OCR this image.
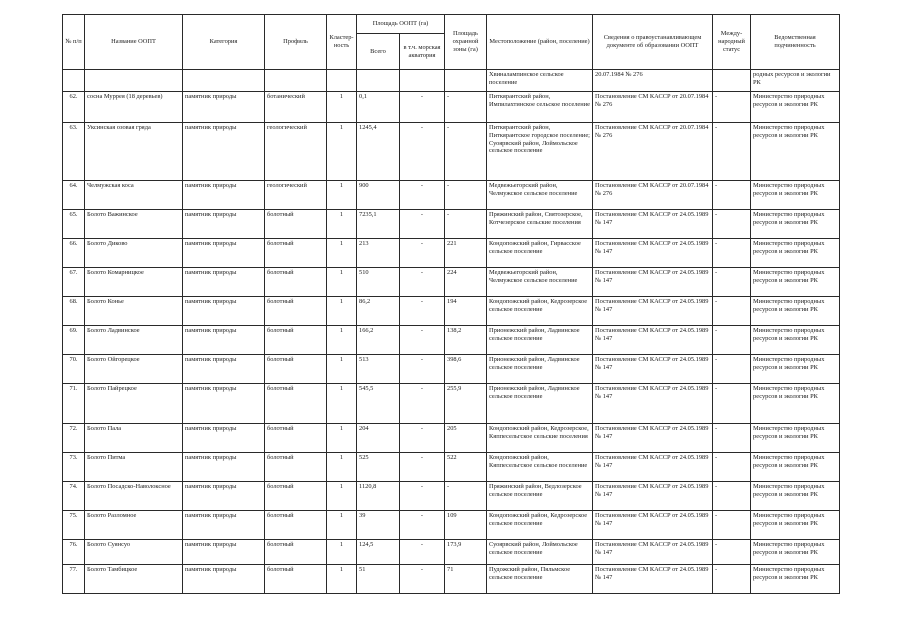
№ п/п	Название ООПТ	Категория	Профиль	Кластер-ность	Площадь ООПТ (га)		Площадь охранной зоны (га)	Местоположение (район, поселение)	Сведения о правоустанавливающем документе об образовании ООПТ	Между-народный статус	Ведомственная подчиненность
					Всего	в т.ч. морская акватория					
								Хвиналампинское сельское поселение	20.07.1984 № 276		родных ресурсов и экологии РК
62.	сосна Муррея (18 деревьев)	памятник природы	ботанический	1	0,1	-	-	Питкярантский район, Импилахтинское сельское поселение	Постановление СМ КАССР от 20.07.1984 № 276	-	Министерство природных ресурсов и экологии РК
63.	Уксинская озовая гряда	памятник природы	геологический	1	1245,4	-	-	Питкярантский район, Питкярантское городское поселение; Суоярвский район, Лоймольское сельское поселение	Постановление СМ КАССР от 20.07.1984 № 276	-	Министерство природных ресурсов и экологии РК
64.	Челмужская коса	памятник природы	геологический	1	900	-	-	Медвежьегорский район, Челмужское сельское поселение	Постановление СМ КАССР от 20.07.1984 № 276	-	Министерство природных ресурсов и экологии РК
65.	Болото Важинское	памятник природы	болотный	1	7235,1	-	-	Пряжинский район, Святозерское, Котчезерское сельские поселения	Постановление СМ КАССР от 24.05.1989 № 147	-	Министерство природных ресурсов и экологии РК
66.	Болото Диково	памятник природы	болотный	1	213	-	221	Кондопожский район, Гирвасское сельское поселение	Постановление СМ КАССР от 24.05.1989 № 147	-	Министерство природных ресурсов и экологии РК
67.	Болото Комарницкое	памятник природы	болотный	1	510	-	224	Медвежьегорский район, Челмужское сельское поселение	Постановление СМ КАССР от 24.05.1989 № 147	-	Министерство природных ресурсов и экологии РК
68.	Болото Конье	памятник природы	болотный	1	86,2	-	194	Кондопожский район, Кедрозерское сельское поселение	Постановление СМ КАССР от 24.05.1989 № 147	-	Министерство природных ресурсов и экологии РК
69.	Болото Ладвинское	памятник природы	болотный	1	166,2	-	138,2	Прионежский район, Ладвинское сельское поселение	Постановление СМ КАССР от 24.05.1989 № 147	-	Министерство природных ресурсов и экологии РК
70.	Болото Ойгорецкое	памятник природы	болотный	1	513	-	398,6	Прионежский район, Ладвинское сельское поселение	Постановление СМ КАССР от 24.05.1989 № 147	-	Министерство природных ресурсов и экологии РК
71.	Болото Пайрецкое	памятник природы	болотный	1	545,5	-	255,9	Прионежский район, Ладвинское сельское поселение	Постановление СМ КАССР от 24.05.1989 № 147	-	Министерство природных ресурсов и экологии РК
72.	Болото Пала	памятник природы	болотный	1	204	-	205	Кондопожский район, Кедрозерское, Кяппесельгское сельские поселения	Постановление СМ КАССР от 24.05.1989 № 147	-	Министерство природных ресурсов и экологии РК
73.	Болото Питма	памятник природы	болотный	1	525	-	522	Кондопожский район, Кяппесельгское сельское поселение	Постановление СМ КАССР от 24.05.1989 № 147	-	Министерство природных ресурсов и экологии РК
74.	Болото Посадско-Наволоксное	памятник природы	болотный	1	1120,8	-	-	Пряжинский район, Ведлозерское сельское поселение	Постановление СМ КАССР от 24.05.1989 № 147	-	Министерство природных ресурсов и экологии РК
75.	Болото Разломное	памятник природы	болотный	1	39	-	109	Кондопожский район, Кедрозерское сельское поселение	Постановление СМ КАССР от 24.05.1989 № 147	-	Министерство природных ресурсов и экологии РК
76.	Болото Суянсуо	памятник природы	болотный	1	124,5	-	173,9	Суоярвский район, Лоймольское сельское поселение	Постановление СМ КАССР от 24.05.1989 № 147	-	Министерство природных ресурсов и экологии РК
77.	Болото Тамбицкое	памятник природы	болотный	1	51	-	71	Пудожский район, Пяльмское сельское поселение	Постановление СМ КАССР от 24.05.1989 № 147	-	Министерство природных ресурсов и экологии РК
